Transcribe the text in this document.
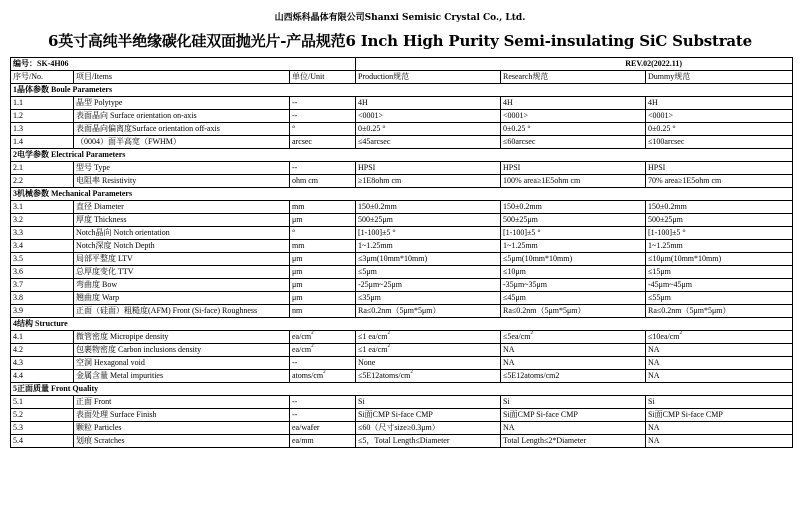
山西烁科晶体有限公司Shanxi Semisic Crystal Co., Ltd.
6英寸高纯半绝缘碳化硅双面抛光片-产品规范6 Inch High Purity Semi-insulating SiC Substrate
编号：SK-4H06			REV.02(2022.11)		
序号/No.	项目/Items	单位/Unit	Production规范	Research规范	Dummy规范
1晶体参数 Boule Parameters					
1.1	晶型 Polytype	--	4H	4H	4H
1.2	表面晶向 Surface orientation on-axis	--	<0001>	<0001>	<0001>
1.3	表面晶向偏离度Surface orientation off-axis	°	0±0.25 °	0±0.25 °	0±0.25 °
1.4	（0004）面半高宽（FWHM）	arcsec	≤45arcsec	≤60arcsec	≤100arcsec
2电学参数 Electrical Parameters					
2.1	型号 Type	--	HPSI	HPSI	HPSI
2.2	电阻率 Resistivity	ohm cm	≥1E8ohm cm	100% area≥1E5ohm cm	70% area≥1E5ohm cm
3机械参数 Mechanical Parameters					
3.1	直径 Diameter	mm	150±0.2mm	150±0.2mm	150±0.2mm
3.2	厚度 Thickness	μm	500±25μm	500±25μm	500±25μm
3.3	Notch晶向 Notch orientation	°	[1-100]±5 °	[1-100]±5 °	[1-100]±5 °
3.4	Notch深度 Notch Depth	mm	1~1.25mm	1~1.25mm	1~1.25mm
3.5	局部平整度 LTV	μm	≤3μm(10mm*10mm)	≤5μm(10mm*10mm)	≤10μm(10mm*10mm)
3.6	总厚度变化 TTV	μm	≤5μm	≤10μm	≤15μm
3.7	弯曲度 Bow	μm	-25μm~25μm	-35μm~35μm	-45μm~45μm
3.8	翘曲度 Warp	μm	≤35μm	≤45μm	≤55μm
3.9	正面（硅面）粗糙度(AFM) Front (Si-face) Roughness	nm	Ra≤0.2nm（5μm*5μm）	Ra≤0.2nm（5μm*5μm）	Ra≤0.2nm（5μm*5μm）
4结构 Structure					
4.1	微管密度 Micropipe density	$ea/cm^2$	≤1 $ea/cm^2$	$\le 5ea/cm^2$	$\le 10ea/cm^2$
4.2	包裹物密度 Carbon inclusions density	$ea/cm^2$	≤1 $ea/cm^2$	NA	NA
4.3	空洞 Hexagonal void	--	None	NA	NA
4.4	金属含量 Metal impurities	atoms/$cm^2$	$\le 5E12atoms/cm^2$	≤5E12atoms/cm2	NA
5正面质量 Front Quality					
5.1	正面 Front	--	Si	Si	Si
5.2	表面处理 Surface Finish	--	Si面CMP Si-face CMP	Si面CMP Si-face CMP	Si面CMP Si-face CMP
5.3	颗粒 Particles	ea/wafer	≤60（尺寸size≥0.3μm）	NA	NA
5.4	划痕 Scratches	ea/mm	≤5，Total Length≤Diameter	Total Length≤2*Diameter	NA
